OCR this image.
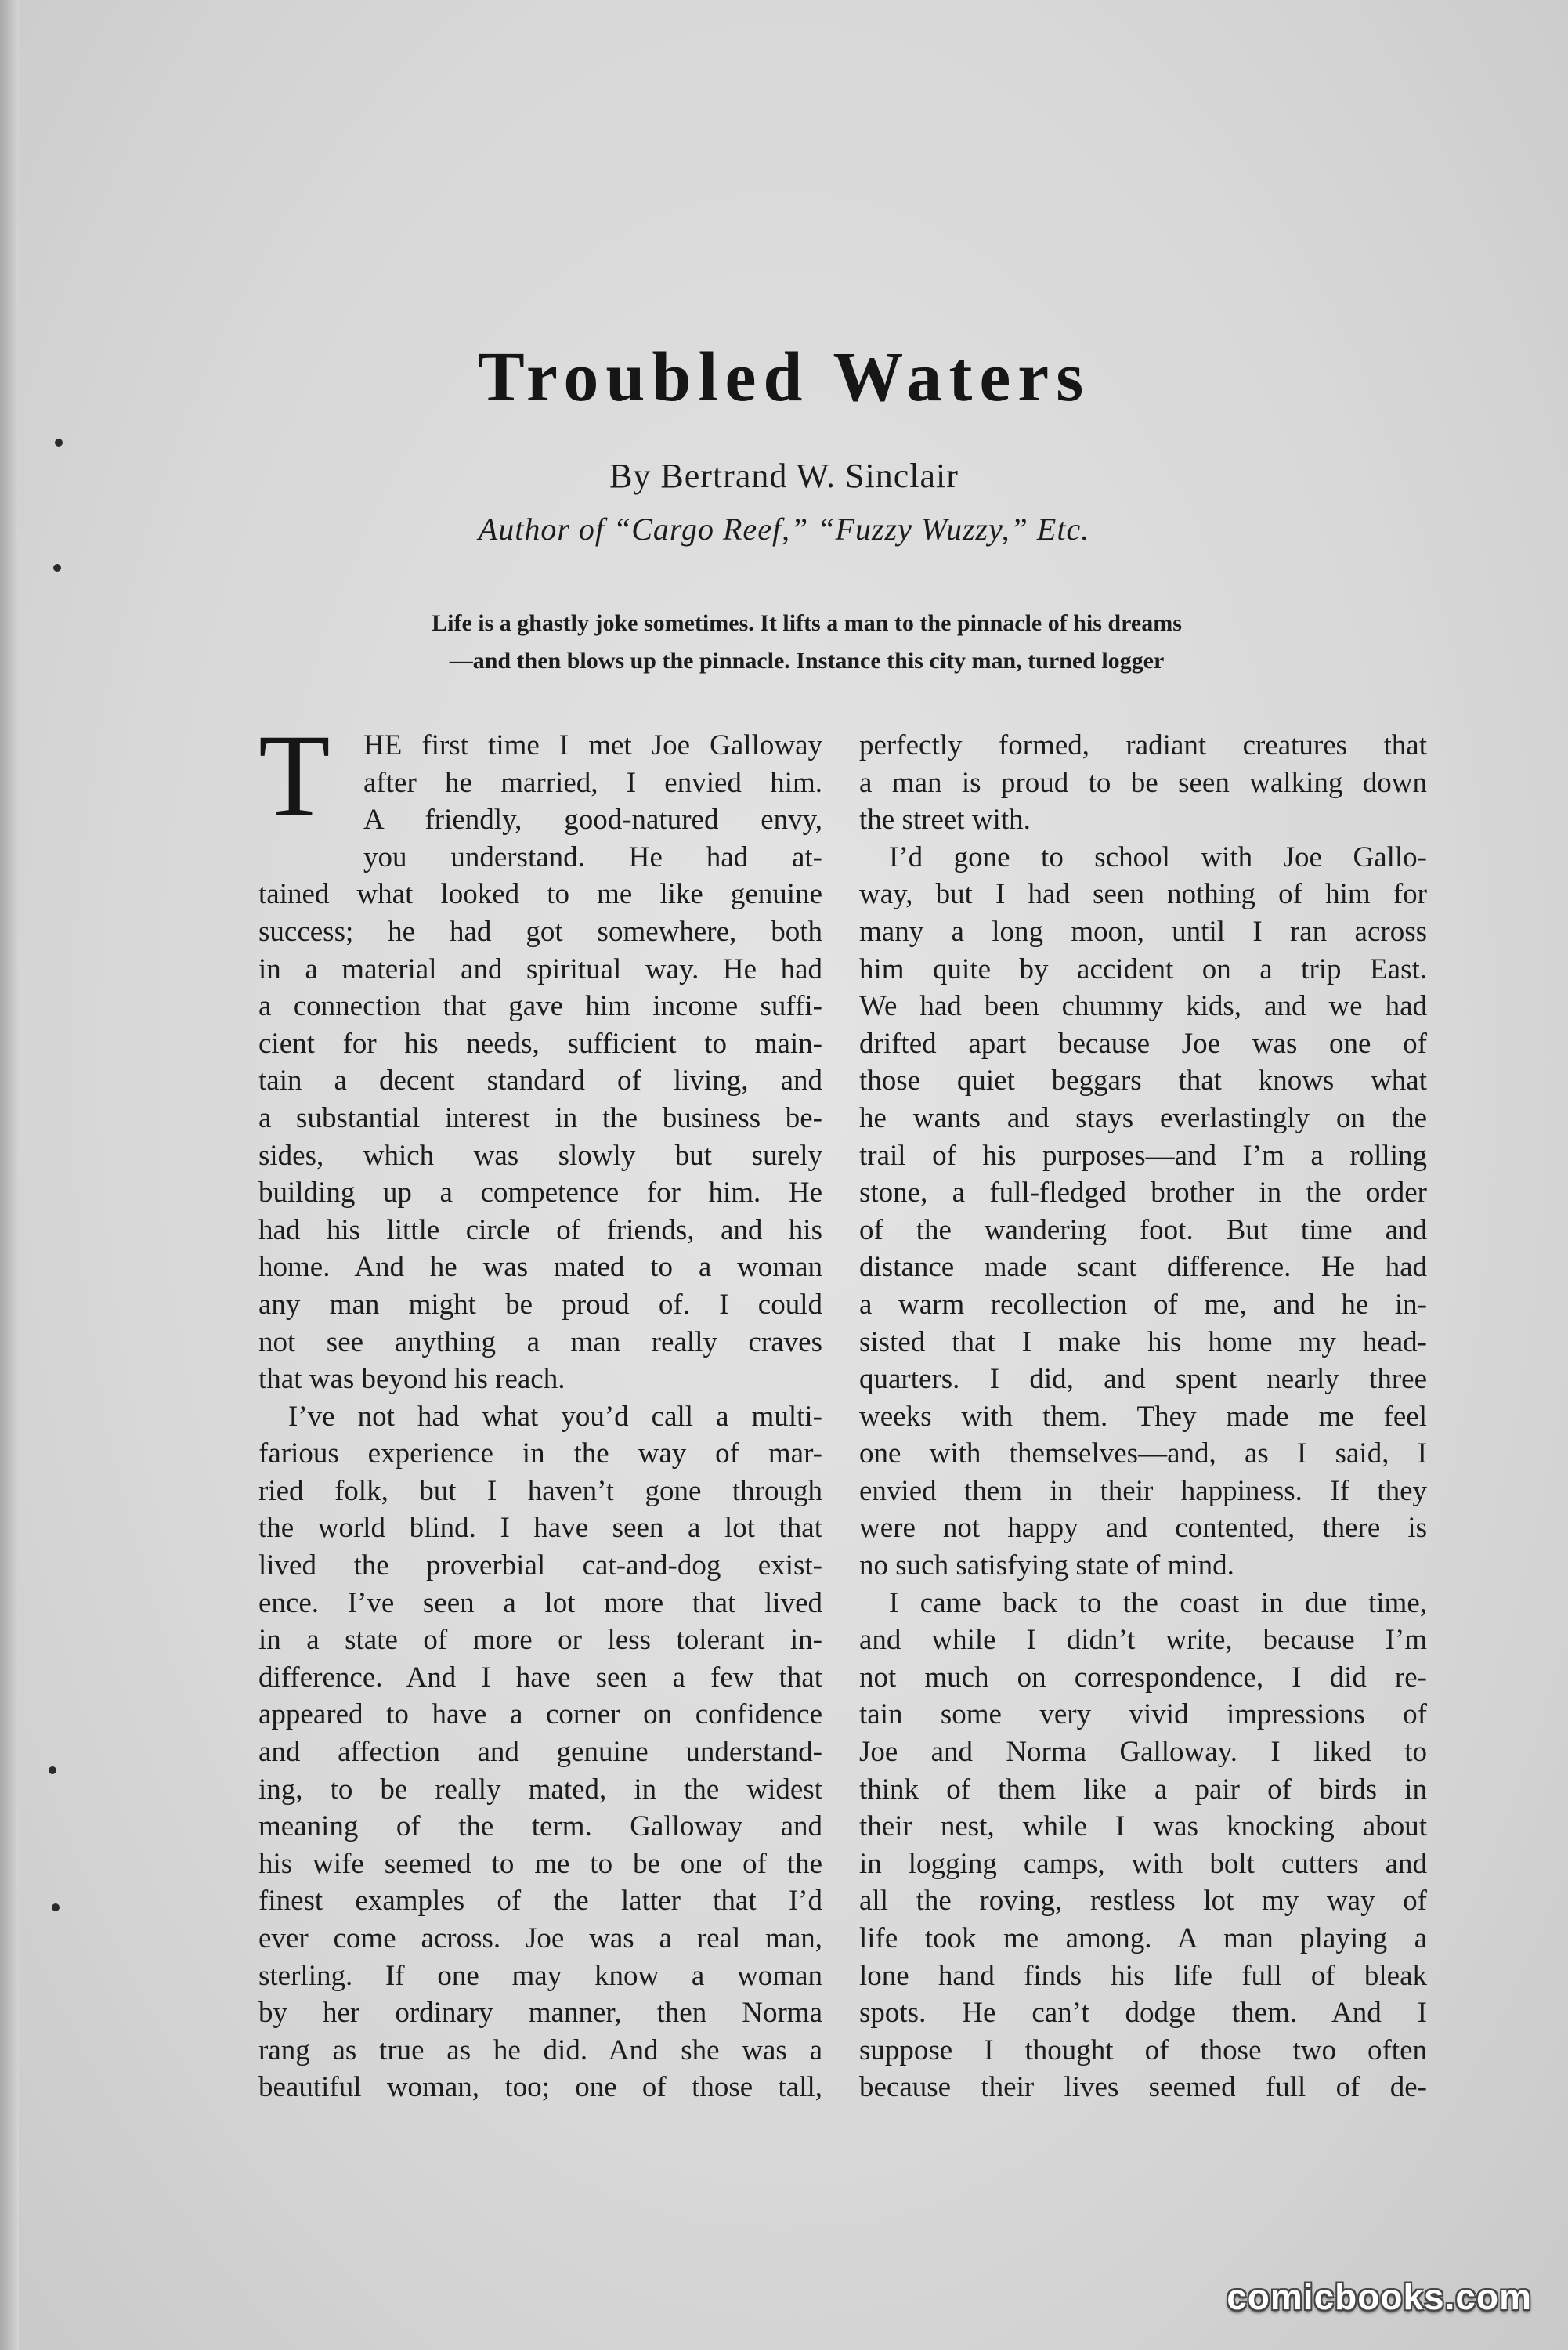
Troubled Waters
By Bertrand W. Sinclair
Author of “Cargo Reef,” “Fuzzy Wuzzy,” Etc.
Life is a ghastly joke sometimes. It lifts a man to the pinnacle of his dreams
—and then blows up the pinnacle. Instance this city man, turned logger
T	HE first time I met Joe Galloway
after he married, I envied him.
A friendly, good-natured envy,
you understand. He had at-
tained what looked to me like genuine
success; he had got somewhere, both
in a material and spiritual way. He had
a connection that gave him income suffi-
cient for his needs, sufficient to main-
tain a decent standard of living, and
a substantial interest in the business be-
sides, which was slowly but surely
building up a competence for him. He
had his little circle of friends, and his
home. And he was mated to a woman
any man might be proud of. I could
not see anything a man really craves
that was beyond his reach.
I’ve not had what you’d call a multi-
farious experience in the way of mar-
ried folk, but I haven’t gone through
the world blind. I have seen a lot that
lived the proverbial cat-and-dog exist-
ence. I’ve seen a lot more that lived
in a state of more or less tolerant in-
difference. And I have seen a few that
appeared to have a corner on confidence
and affection and genuine understand-
ing, to be really mated, in the widest
meaning of the term. Galloway and
his wife seemed to me to be one of the
finest examples of the latter that I’d
ever come across. Joe was a real man,
sterling. If one may know a woman
by her ordinary manner, then Norma
rang as true as he did. And she was a
beautiful woman, too; one of those tall,
perfectly formed, radiant creatures that
a man is proud to be seen walking down
the street with.
I’d gone to school with Joe Gallo-
way, but I had seen nothing of him for
many a long moon, until I ran across
him quite by accident on a trip East.
We had been chummy kids, and we had
drifted apart because Joe was one of
those quiet beggars that knows what
he wants and stays everlastingly on the
trail of his purposes—and I’m a rolling
stone, a full-fledged brother in the order
of the wandering foot. But time and
distance made scant difference. He had
a warm recollection of me, and he in-
sisted that I make his home my head-
quarters. I did, and spent nearly three
weeks with them. They made me feel
one with themselves—and, as I said, I
envied them in their happiness. If they
were not happy and contented, there is
no such satisfying state of mind.
I came back to the coast in due time,
and while I didn’t write, because I’m
not much on correspondence, I did re-
tain some very vivid impressions of
Joe and Norma Galloway. I liked to
think of them like a pair of birds in
their nest, while I was knocking about
in logging camps, with bolt cutters and
all the roving, restless lot my way of
life took me among. A man playing a
lone hand finds his life full of bleak
spots. He can’t dodge them. And I
suppose I thought of those two often
because their lives seemed full of de-
comicbooks.com
